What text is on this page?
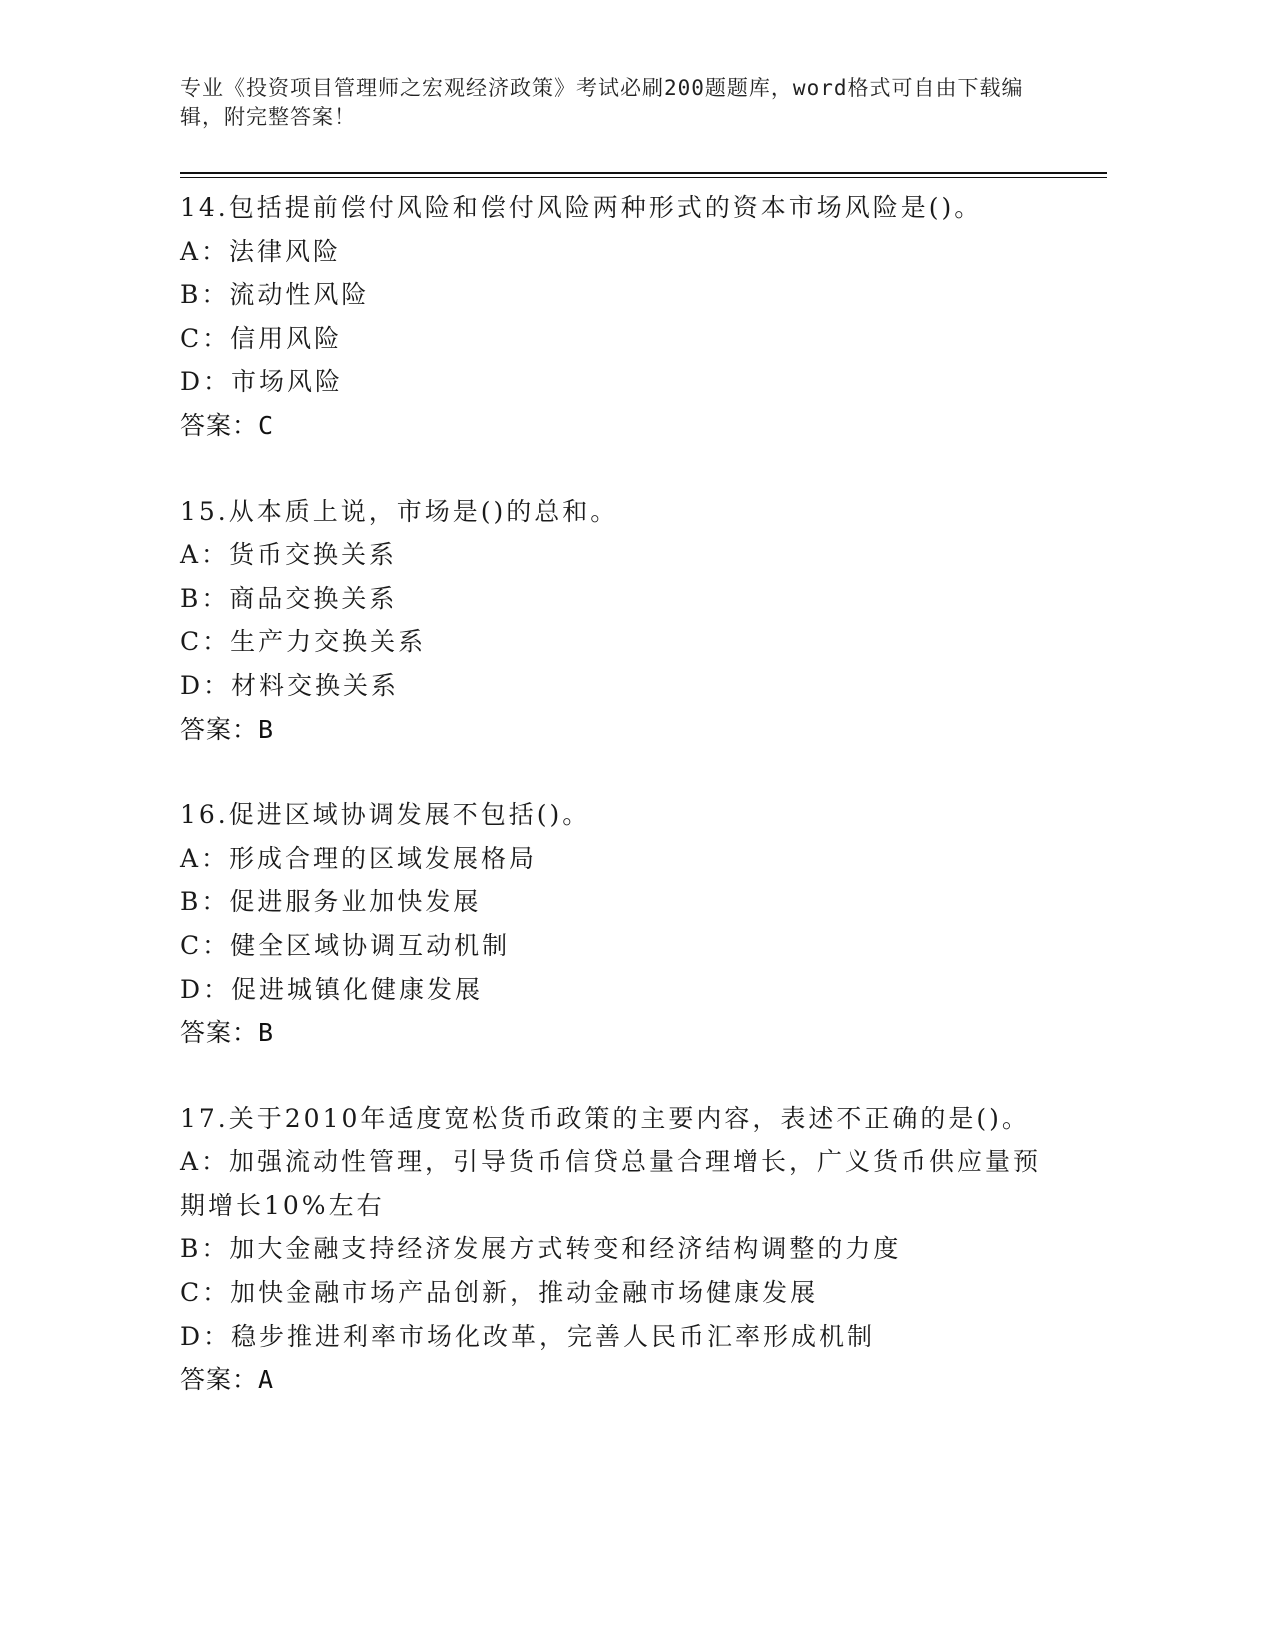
专业《投资项目管理师之宏观经济政策》考试必刷200题题库，word格式可自由下载编辑，附完整答案！
14.包括提前偿付风险和偿付风险两种形式的资本市场风险是()。
A：法律风险
B：流动性风险
C：信用风险
D：市场风险
答案：C
15.从本质上说，市场是()的总和。
A：货币交换关系
B：商品交换关系
C：生产力交换关系
D：材料交换关系
答案：B
16.促进区域协调发展不包括()。
A：形成合理的区域发展格局
B：促进服务业加快发展
C：健全区域协调互动机制
D：促进城镇化健康发展
答案：B
17.关于2010年适度宽松货币政策的主要内容，表述不正确的是()。
A：加强流动性管理，引导货币信贷总量合理增长，广义货币供应量预期增长10%左右
B：加大金融支持经济发展方式转变和经济结构调整的力度
C：加快金融市场产品创新，推动金融市场健康发展
D：稳步推进利率市场化改革，完善人民币汇率形成机制
答案：A
